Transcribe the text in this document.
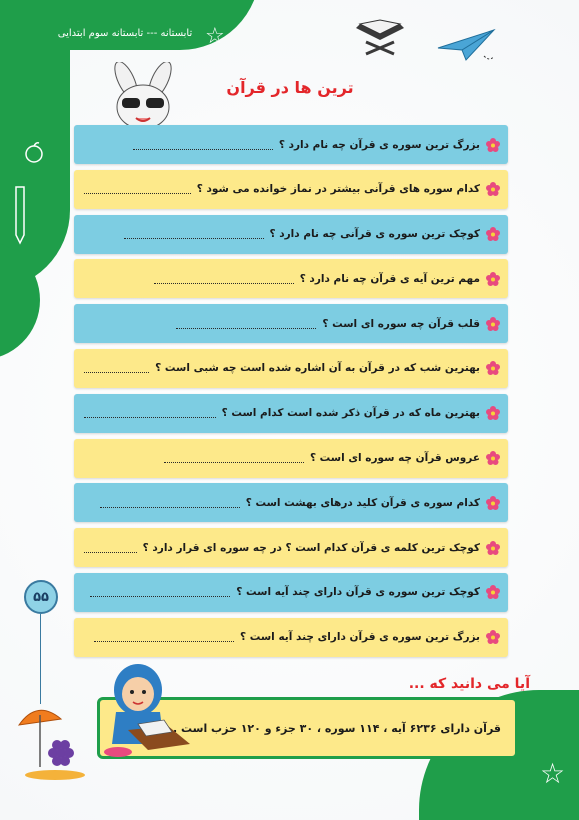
تابستانه --- تابستانه سوم ابتدایی ☆
☆
ترین ها در قرآن
بزرگ ترین سوره ی قرآن چه نام دارد ؟
کدام سوره های قرآنی بیشتر در نماز خوانده می شود ؟
کوچک ترین سوره ی قرآنی چه نام دارد ؟
مهم ترین آیه ی قرآن چه نام دارد ؟
قلب قرآن چه سوره ای است ؟
بهترین شب که در قرآن به آن اشاره شده است چه شبی است ؟
بهترین ماه که در قرآن ذکر شده است کدام است ؟
عروس قرآن چه سوره ای است ؟
کدام سوره ی قرآن کلید درهای بهشت است ؟
کوچک ترین کلمه ی قرآن کدام است ؟ در چه سوره ای قرار دارد ؟
کوچک ترین سوره ی قرآن دارای چند آیه است ؟
بزرگ ترین سوره ی قرآن دارای چند آیه است ؟
۵۵
آیا می دانید که ...
قرآن دارای ۶۲۳۶ آیه ، ۱۱۴ سوره ، ۳۰ جزء و ۱۲۰ حزب است .
